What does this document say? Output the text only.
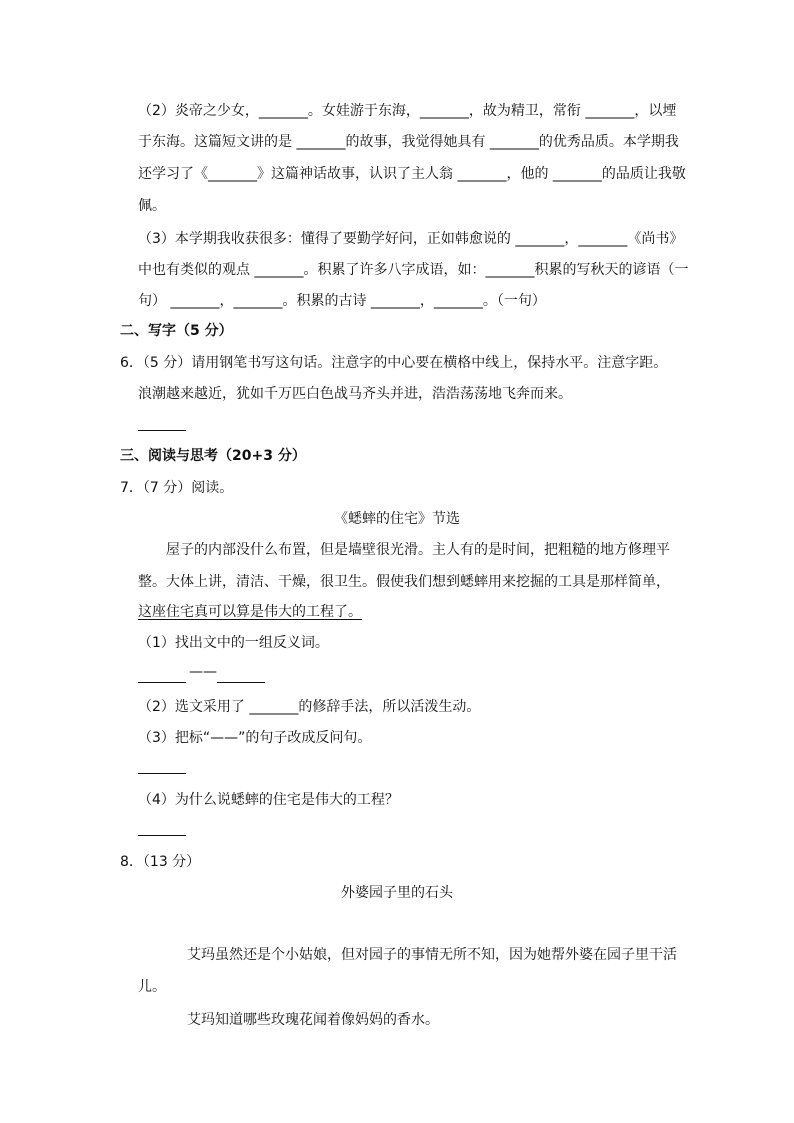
（2）炎帝之少女，_______。女娃游于东海，_______，故为精卫，常衔 _______，以堙
于东海。这篇短文讲的是 _______的故事，我觉得她具有 _______的优秀品质。本学期我
还学习了《_______》这篇神话故事，认识了主人翁 _______，他的 _______的品质让我敬
佩。
（3）本学期我收获很多：懂得了要勤学好问，正如韩愈说的 _______，_______《尚书》
中也有类似的观点 _______。积累了许多八字成语，如：_______积累的写秋天的谚语（一
句） _______，_______。积累的古诗 _______，_______。（一句）
二、写字（5 分）
6．（5 分）请用钢笔书写这句话。注意字的中心要在横格中线上，保持水平。注意字距。
浪潮越来越近，犹如千万匹白色战马齐头并进，浩浩荡荡地飞奔而来。
三、阅读与思考（20+3 分）
7．（7 分）阅读。
《蟋蟀的住宅》节选
屋子的内部没什么布置，但是墙壁很光滑。主人有的是时间，把粗糙的地方修理平
整。大体上讲，清洁、干燥，很卫生。假使我们想到蟋蟀用来挖掘的工具是那样简单，
这座住宅真可以算是伟大的工程了。
（1）找出文中的一组反义词。
——
（2）选文采用了 _______的修辞手法，所以活泼生动。
（3）把标“——”的句子改成反问句。
（4）为什么说蟋蟀的住宅是伟大的工程？
8．（13 分）
外婆园子里的石头
艾玛虽然还是个小姑娘，但对园子的事情无所不知，因为她帮外婆在园子里干活
儿。
艾玛知道哪些玫瑰花闻着像妈妈的香水。
